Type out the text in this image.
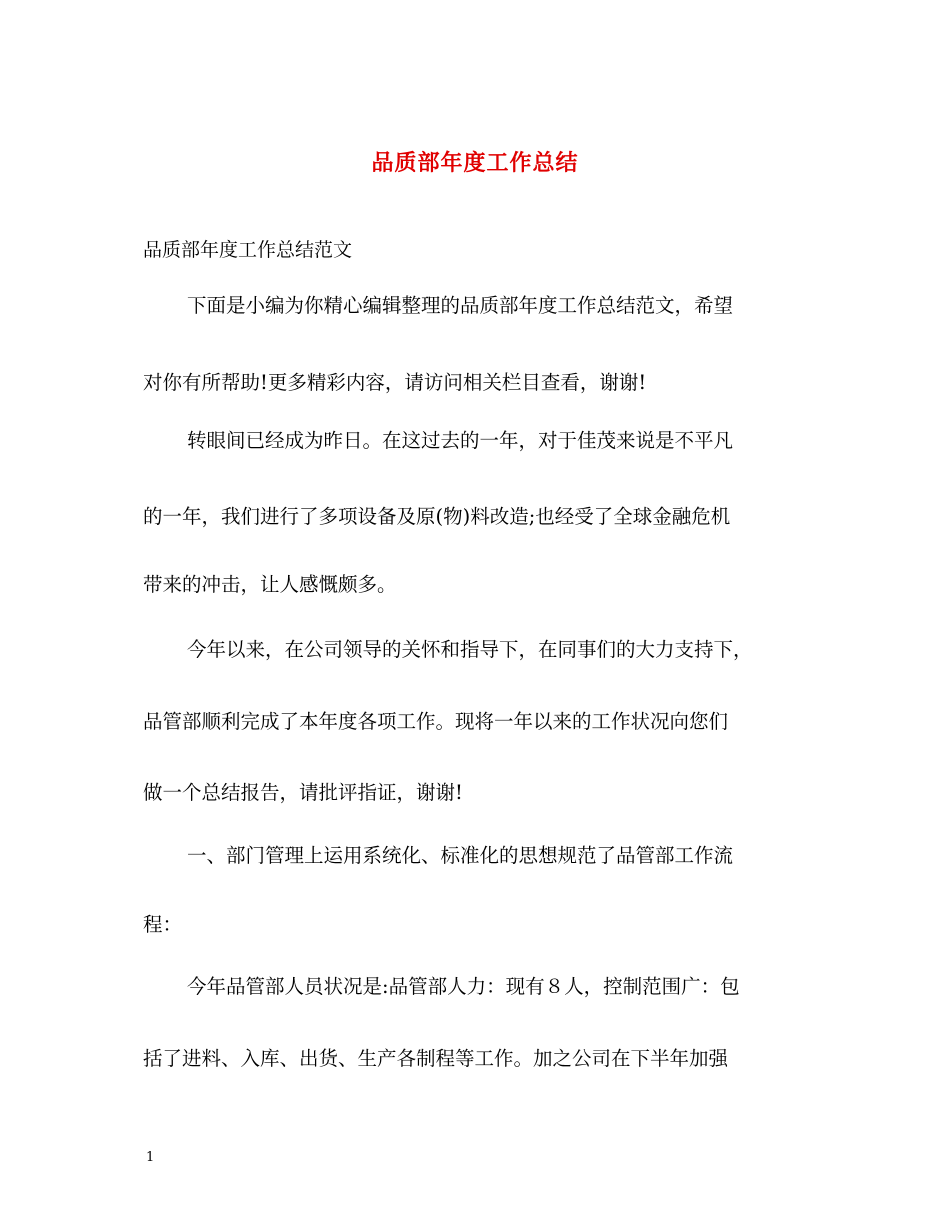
品质部年度工作总结
品质部年度工作总结范文
下面是小编为你精心编辑整理的品质部年度工作总结范文，希望
对你有所帮助!更多精彩内容，请访问相关栏目查看，谢谢!
转眼间已经成为昨日。在这过去的一年，对于佳茂来说是不平凡
的一年，我们进行了多项设备及原(物)料改造;也经受了全球金融危机
带来的冲击，让人感慨颇多。
今年以来，在公司领导的关怀和指导下，在同事们的大力支持下，
品管部顺利完成了本年度各项工作。现将一年以来的工作状况向您们
做一个总结报告，请批评指证，谢谢!
一、部门管理上运用系统化、标准化的思想规范了品管部工作流
程：
今年品管部人员状况是:品管部人力：现有８人，控制范围广：包
括了进料、入库、出货、生产各制程等工作。加之公司在下半年加强
1
